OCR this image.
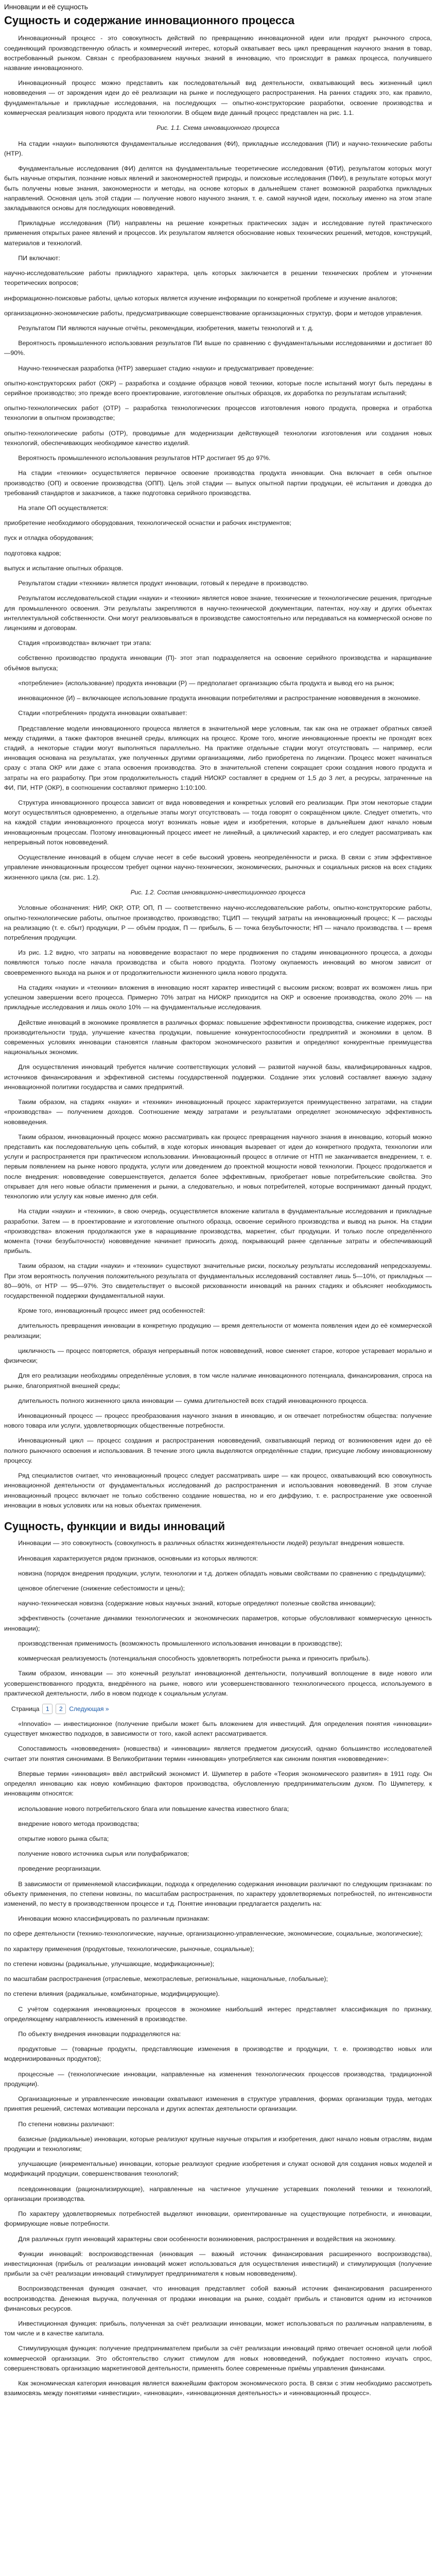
Инновации и её сущность
Сущность и содержание инновационного процесса

Инновационный процесс - это совокупность действий по превращению инновационной идеи или продукт рыночного спроса, соединяющий производственную область и коммерческий интерес, который охватывает весь цикл превращения научного знания в товар, востребованный рынком. Связан с преобразованием научных знаний в инновацию, что происходит в рамках процесса, получившего название инновационного.

Инновационный процесс можно представить как последовательный вид деятельности, охватывающий весь жизненный цикл нововведения — от зарождения идеи до её реализации на рынке и последующего распространения. На ранних стадиях это, как правило, фундаментальные и прикладные исследования, на последующих — опытно-конструкторские разработки, освоение производства и коммерческая реализация нового продукта или технологии. В общем виде данный процесс представлен на рис. 1.1.

Рис. 1.1. Схема инновационного процесса

На стадии «науки» выполняются фундаментальные исследования (ФИ), прикладные исследования (ПИ) и научно-технические работы (НТР).

Фундаментальные исследования (ФИ) делятся на фундаментальные теоретические исследования (ФТИ), результатом которых могут быть научные открытия, познание новых явлений и закономерностей природы, и поисковые исследования (ПФИ), в результате которых могут быть получены новые знания, закономерности и методы, на основе которых в дальнейшем станет возможной разработка прикладных направлений. Основная цель этой стадии — получение нового научного знания, т. е. самой научной идеи, поскольку именно на этом этапе закладываются основы для последующих нововведений.

Прикладные исследования (ПИ) направлены на решение конкретных практических задач и исследование путей практического применения открытых ранее явлений и процессов. Их результатом является обоснование новых технических решений, методов, конструкций, материалов и технологий.

ПИ включают:

научно-исследовательские работы прикладного характера, цель которых заключается в решении технических проблем и уточнении теоретических вопросов;

информационно-поисковые работы, целью которых является изучение информации по конкретной проблеме и изучение аналогов;

организационно-экономические работы, предусматривающие совершенствование организационных структур, форм и методов управления.

Результатом ПИ являются научные отчёты, рекомендации, изобретения, макеты технологий и т. д.

Вероятность промышленного использования результатов ПИ выше по сравнению с фундаментальными исследованиями и достигает 80—90%.

Научно-техническая разработка (НТР) завершает стадию «науки» и предусматривает проведение:

опытно-конструкторских работ (ОКР) – разработка и создание образцов новой техники, которые после испытаний могут быть переданы в серийное производство; это прежде всего проектирование, изготовление опытных образцов, их доработка по результатам испытаний;

опытно-технологических работ (ОТР) – разработка технологических процессов изготовления нового продукта, проверка и отработка технологии в опытном производстве;

опытно-технологические работы (ОТР), проводимые для модернизации действующей технологии изготовления или создания новых технологий, обеспечивающих необходимое качество изделий.

Вероятность промышленного использования результатов НТР достигает 95 до 97%.

На стадии «техники» осуществляется первичное освоение производства продукта инновации. Она включает в себя опытное производство (ОП) и освоение производства (ОПП). Цель этой стадии — выпуск опытной партии продукции, её испытания и доводка до требований стандартов и заказчиков, а также подготовка серийного производства.

На этапе ОП осуществляется:

приобретение необходимого оборудования, технологической оснастки и рабочих инструментов;

пуск и отладка оборудования;

подготовка кадров;

выпуск и испытание опытных образцов.

Результатом стадии «техники» является продукт инновации, готовый к передаче в производство.

Результатом исследовательской стадии «науки» и «техники» является новое знание, технические и технологические решения, пригодные для промышленного освоения. Эти результаты закрепляются в научно-технической документации, патентах, ноу-хау и других объектах интеллектуальной собственности. Они могут реализовываться в производстве самостоятельно или передаваться на коммерческой основе по лицензиям и договорам.

Стадия «производства» включает три этапа:

собственно производство продукта инновации (П)- этот этап подразделяется на освоение серийного производства и наращивание объёмов выпуска;

«потребление» (использование) продукта инновации (Р) — предполагает организацию сбыта продукта и вывод его на рынок;

инновационное (И) – включающее использование продукта инновации потребителями и распространение нововведения в экономике.

Стадии «потребления» продукта инновации охватывает:

Представление модели инновационного процесса является в значительной мере условным, так как она не отражает обратных связей между стадиями, а также факторов внешней среды, влияющих на процесс. Кроме того, многие инновационные проекты не проходят всех стадий, а некоторые стадии могут выполняться параллельно. На практике отдельные стадии могут отсутствовать — например, если инновация основана на результатах, уже полученных другими организациями, либо приобретена по лицензии. Процесс может начинаться сразу с этапа ОКР или даже с этапа освоения производства. Это в значительной степени сокращает сроки создания нового продукта и затраты на его разработку. При этом продолжительность стадий НИОКР составляет в среднем от 1,5 до 3 лет, а ресурсы, затраченные на ФИ, ПИ, НТР (ОКР), в соотношении составляют примерно 1:10:100.

Структура инновационного процесса зависит от вида нововведения и конкретных условий его реализации. При этом некоторые стадии могут осуществляться одновременно, а отдельные этапы могут отсутствовать — тогда говорят о сокращённом цикле. Следует отметить, что на каждой стадии инновационного процесса могут возникать новые идеи и изобретения, которые в дальнейшем дают начало новым инновационным процессам. Поэтому инновационный процесс имеет не линейный, а циклический характер, и его следует рассматривать как непрерывный поток нововведений.

Осуществление инноваций в общем случае несет в себе высокий уровень неопределённости и риска. В связи с этим эффективное управление инновационным процессом требует оценки научно-технических, экономических, рыночных и социальных рисков на всех стадиях жизненного цикла (см. рис. 1.2).

Рис. 1.2. Состав инновационно-инвестиционного процесса

Условные обозначения: НИР, ОКР, ОТР, ОП, П — соответственно научно-исследовательские работы, опытно-конструкторские работы, опытно-технологические работы, опытное производство, производство; ТЦИП — текущий затраты на инновационный процесс; К — расходы на реализацию (т. е. сбыт) продукции, Р — объём продаж, П — прибыль, Б — точка безубыточности; НП — начало производства. t — время потребления продукции.

Из рис. 1.2 видно, что затраты на нововведение возрастают по мере продвижения по стадиям инновационного процесса, а доходы появляются только после начала производства и сбыта нового продукта. Поэтому окупаемость инноваций во многом зависит от своевременного выхода на рынок и от продолжительности жизненного цикла нового продукта.

На стадиях «науки» и «техники» вложения в инновацию носят характер инвестиций с высоким риском; возврат их возможен лишь при успешном завершении всего процесса. Примерно 70% затрат на НИОКР приходится на ОКР и освоение производства, около 20% — на прикладные исследования и лишь около 10% — на фундаментальные исследования.

Действие инноваций в экономике проявляется в различных формах: повышение эффективности производства, снижение издержек, рост производительности труда, улучшение качества продукции, повышение конкурентоспособности предприятий и экономики в целом. В современных условиях инновации становятся главным фактором экономического развития и определяют конкурентные преимущества национальных экономик.

Для осуществления инноваций требуется наличие соответствующих условий — развитой научной базы, квалифицированных кадров, источников финансирования и эффективной системы государственной поддержки. Создание этих условий составляет важную задачу инновационной политики государства и самих предприятий.

Таким образом, на стадиях «науки» и «техники» инновационный процесс характеризуется преимущественно затратами, на стадии «производства» — получением доходов. Соотношение между затратами и результатами определяет экономическую эффективность нововведения.

Таким образом, инновационный процесс можно рассматривать как процесс превращения научного знания в инновацию, который можно представить как последовательную цепь событий, в ходе которых инновация вызревает от идеи до конкретного продукта, технологии или услуги и распространяется при практическом использовании. Инновационный процесс в отличие от НТП не заканчивается внедрением, т. е. первым появлением на рынке нового продукта, услуги или доведением до проектной мощности новой технологии. Процесс продолжается и после внедрения: нововведение совершенствуется, делается более эффективным, приобретает новые потребительские свойства. Это открывает для него новые области применения и рынки, а следовательно, и новых потребителей, которые воспринимают данный продукт, технологию или услугу как новые именно для себя.

На стадии «науки» и «техники», в свою очередь, осуществляется вложение капитала в фундаментальные исследования и прикладные разработки. Затем — в проектирование и изготовление опытного образца, освоение серийного производства и вывод на рынок. На стадии «производства» вложения продолжаются уже в наращивание производства, маркетинг, сбыт продукции. И только после определённого момента (точки безубыточности) нововведение начинает приносить доход, покрывающий ранее сделанные затраты и обеспечивающий прибыль.

Таким образом, на стадии «науки» и «техники» существуют значительные риски, поскольку результаты исследований непредсказуемы. При этом вероятность получения положительного результата от фундаментальных исследований составляет лишь 5—10%, от прикладных — 80—90%, от НТР — 95—97%. Это свидетельствует о высокой рискованности инноваций на ранних стадиях и объясняет необходимость государственной поддержки фундаментальной науки.

Кроме того, инновационный процесс имеет ряд особенностей:

длительность превращения инновации в конкретную продукцию — время деятельности от момента появления идеи до её коммерческой реализации;

цикличность — процесс повторяется, образуя непрерывный поток нововведений, новое сменяет старое, которое устаревает морально и физически;

Для его реализации необходимы определённые условия, в том числе наличие инновационного потенциала, финансирования, спроса на рынке, благоприятной внешней среды;

длительность полного жизненного цикла инновации — сумма длительностей всех стадий инновационного процесса.

Инновационный процесс — процесс преобразования научного знания в инновацию, и он отвечает потребностям общества: получение нового товара или услуги, удовлетворяющих общественные потребности.

Инновационный цикл — процесс создания и распространения нововведений, охватывающий период от возникновения идеи до её полного рыночного освоения и использования. В течение этого цикла выделяются определённые стадии, присущие любому инновационному процессу.

Ряд специалистов считает, что инновационный процесс следует рассматривать шире — как процесс, охватывающий всю совокупность инновационной деятельности от фундаментальных исследований до распространения и использования нововведений. В этом случае инновационный процесс включает не только собственно создание новшества, но и его диффузию, т. е. распространение уже освоенной инновации в новых условиях или на новых объектах применения.

Сущность, функции и виды инноваций

Инновации — это совокупность (совокупность в различных областях жизнедеятельности людей) результат внедрения новшеств.

Инновация характеризуется рядом признаков, основными из которых являются:

новизна (порядок внедрения продукции, услуги, технологии и т.д. должен обладать новыми свойствами по сравнению с предыдущими);

ценовое облегчение (снижение себестоимости и цены);

научно-техническая новизна (содержание новых научных знаний, которые определяют полезные свойства инновации);

эффективность (сочетание динамики технологических и экономических параметров, которые обусловливают коммерческую ценность инновации);

производственная применимость (возможность промышленного использования инновации в производстве);

коммерческая реализуемость (потенциальная способность удовлетворять потребности рынка и приносить прибыль).

Таким образом, инновации — это конечный результат инновационной деятельности, получивший воплощение в виде нового или усовершенствованного продукта, внедрённого на рынке, нового или усовершенствованного технологического процесса, используемого в практической деятельности, либо в новом подходе к социальным услугам.

Страница	1	2	Следующая »

«Innovatio» — инвестиционное (получение прибыли может быть вложением для инвестиций. Для определения понятия «инновации» существует множество подходов, в зависимости от того, какой аспект рассматривается.

Сопоставимость «нововведения» (новшества) и «инновации» является предметом дискуссий, однако большинство исследователей считает эти понятия синонимами. В Великобритании термин «инновация» употребляется как синоним понятия «нововведение»:

Впервые термин «инновация» ввёл австрийский экономист И. Шумпетер в работе «Теория экономического развития» в 1911 году. Он определял инновацию как новую комбинацию факторов производства, обусловленную предпринимательским духом. По Шумпетеру, к инновациям относятся:

использование нового потребительского блага или повышение качества известного блага;

внедрение нового метода производства;

открытие нового рынка сбыта;

получение нового источника сырья или полуфабрикатов;

проведение реорганизации.

В зависимости от применяемой классификации, подхода к определению содержания инновации различают по следующим признакам: по объекту применения, по степени новизны, по масштабам распространения, по характеру удовлетворяемых потребностей, по интенсивности изменений, по месту в производственном процессе и т.д. Понятие инновации предлагается разделить на:

Инновации можно классифицировать по различным признакам:

по сфере деятельности (технико-технологические, научные, организационно-управленческие, экономические, социальные, экологические);

по характеру применения (продуктовые, технологические, рыночные, социальные);

по степени новизны (радикальные, улучшающие, модификационные);

по масштабам распространения (отраслевые, межотраслевые, региональные, национальные, глобальные);

по степени влияния (радикальные, комбинаторные, модифицирующие).

С учётом содержания инновационных процессов в экономике наибольший интерес представляет классификация по признаку, определяющему направленность изменений в производстве.

По объекту внедрения инновации подразделяются на:

продуктовые — (товарные продукты, представляющие изменения в производстве и продукции, т. е. производство новых или модернизированных продуктов);

процессные — (технологические инновации, направленные на изменения технологических процессов производства, традиционной продукции).

Организационные и управленческие инновации охватывают изменения в структуре управления, формах организации труда, методах принятия решений, системах мотивации персонала и других аспектах деятельности организации.

По степени новизны различают:

базисные (радикальные) инновации, которые реализуют крупные научные открытия и изобретения, дают начало новым отраслям, видам продукции и технологиям;

улучшающие (инкрементальные) инновации, которые реализуют средние изобретения и служат основой для создания новых моделей и модификаций продукции, совершенствования технологий;

псевдоинновации (рационализирующие), направленные на частичное улучшение устаревших поколений техники и технологий, организации производства.

По характеру удовлетворяемых потребностей выделяют инновации, ориентированные на существующие потребности, и инновации, формирующие новые потребности.

Для различных групп инноваций характерны свои особенности возникновения, распространения и воздействия на экономику.

Функции инноваций: воспроизводственная (инновация — важный источник финансирования расширенного воспроизводства), инвестиционная (прибыль от реализации инноваций может использоваться для осуществления инвестиций) и стимулирующая (получение прибыли за счёт реализации инноваций стимулирует предпринимателя к новым нововведениям).

Воспроизводственная функция означает, что инновация представляет собой важный источник финансирования расширенного воспроизводства. Денежная выручка, полученная от продажи инновации на рынке, создаёт прибыль и становится одним из источников финансовых ресурсов.

Инвестиционная функция: прибыль, полученная за счёт реализации инновации, может использоваться по различным направлениям, в том числе и в качестве капитала.

Стимулирующая функция: получение предпринимателем прибыли за счёт реализации инноваций прямо отвечает основной цели любой коммерческой организации. Это обстоятельство служит стимулом для новых нововведений, побуждает постоянно изучать спрос, совершенствовать организацию маркетинговой деятельности, применять более современные приёмы управления финансами.

Как экономическая категория инновация является важнейшим фактором экономического роста. В связи с этим необходимо рассмотреть взаимосвязь между понятиями «инвестиции», «инновации», «инновационная деятельность» и «инновационный процесс».
